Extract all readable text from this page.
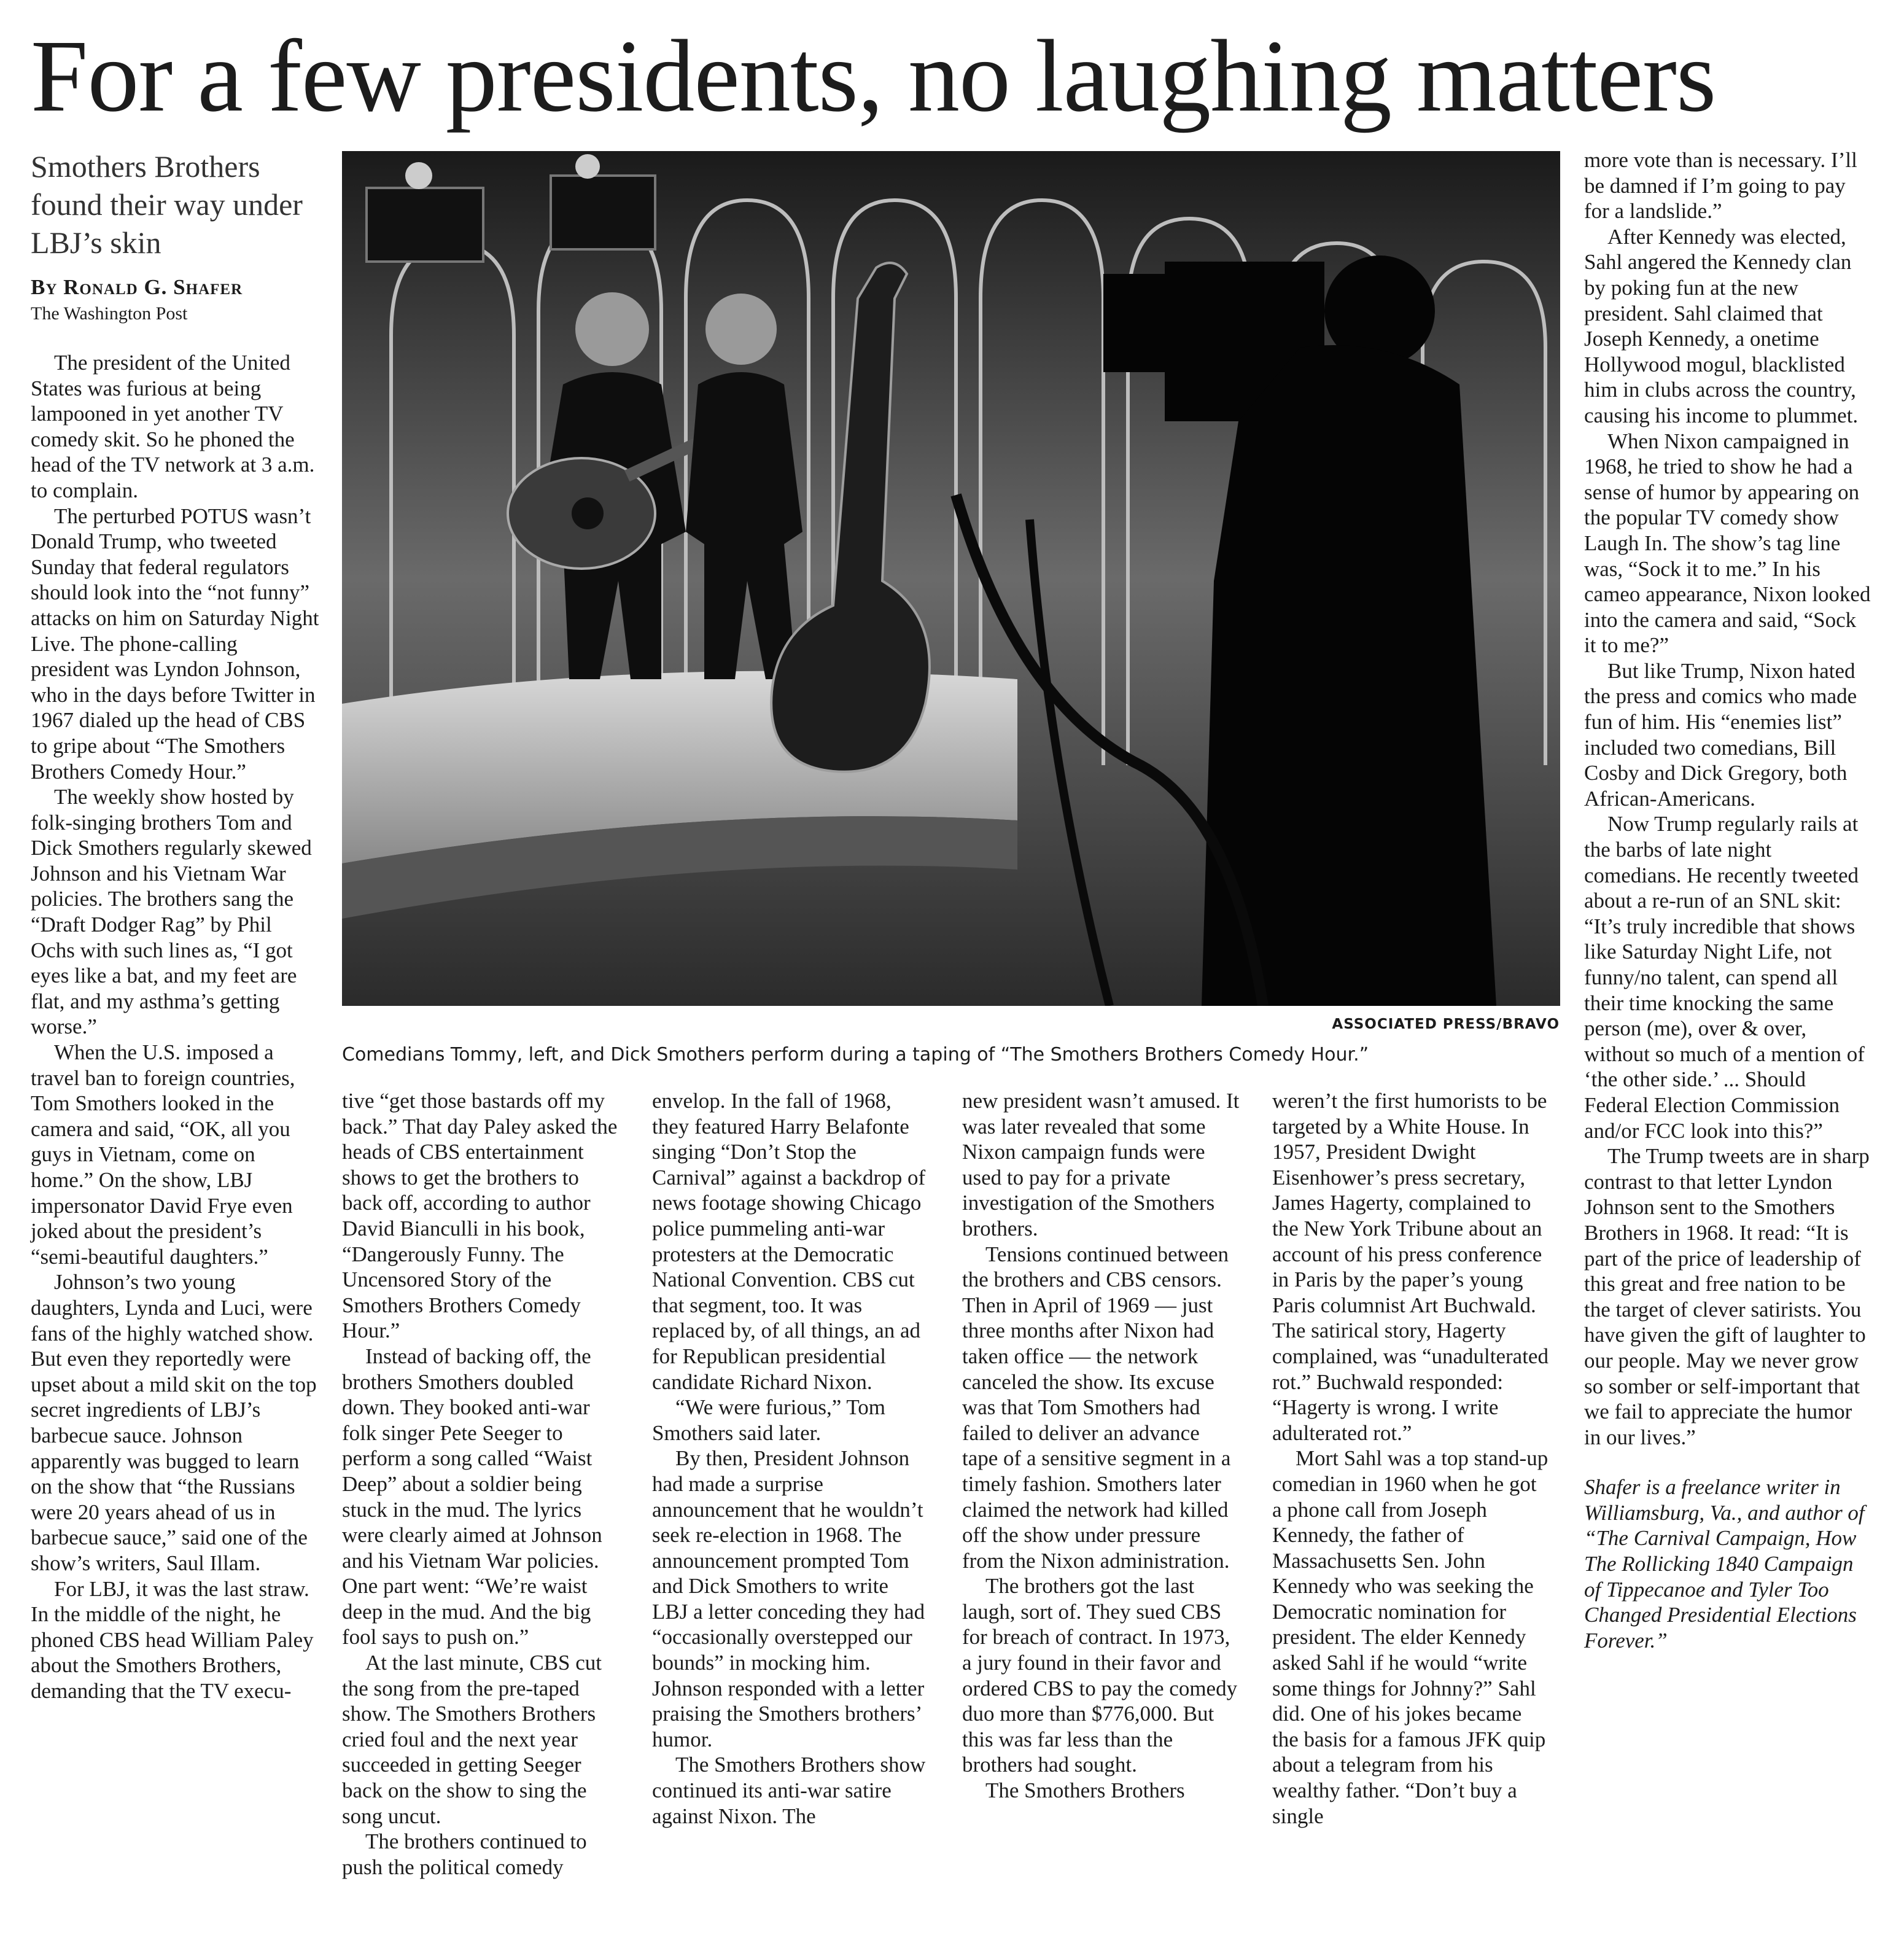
For a few presidents, no laughing matters
Smothers Brothers found their way under LBJ’s skin
By Ronald G. Shafer
The Washington Post

The president of the United States was furious at being lampooned in yet another TV comedy skit. So he phoned the head of the TV network at 3 a.m. to complain.

The perturbed POTUS wasn’t Donald Trump, who tweeted Sunday that federal regulators should look into the “not funny” attacks on him on Saturday Night Live. The phone-calling president was Lyndon Johnson, who in the days before Twitter in 1967 dialed up the head of CBS to gripe about “The Smothers Brothers Comedy Hour.”

The weekly show hosted by folk-singing brothers Tom and Dick Smothers regularly skewed Johnson and his Vietnam War policies. The brothers sang the “Draft Dodger Rag” by Phil Ochs with such lines as, “I got eyes like a bat, and my feet are flat, and my asthma’s getting worse.”

When the U.S. imposed a travel ban to foreign countries, Tom Smothers looked in the camera and said, “OK, all you guys in Vietnam, come on home.” On the show, LBJ impersonator David Frye even joked about the president’s “semi-beautiful daughters.”

Johnson’s two young daughters, Lynda and Luci, were fans of the highly watched show. But even they reportedly were upset about a mild skit on the top secret ingredients of LBJ’s barbecue sauce. Johnson apparently was bugged to learn on the show that “the Russians were 20 years ahead of us in barbecue sauce,” said one of the show’s writers, Saul Illam.

For LBJ, it was the last straw. In the middle of the night, he phoned CBS head William Paley about the Smothers Brothers, demanding that the TV execu-

ASSOCIATED PRESS/BRAVO
Comedians Tommy, left, and Dick Smothers perform during a taping of “The Smothers Brothers Comedy Hour.”

tive “get those bastards off my back.” That day Paley asked the heads of CBS entertainment shows to get the brothers to back off, according to author David Bianculli in his book, “Dangerously Funny. The Uncensored Story of the Smothers Brothers Comedy Hour.”

Instead of backing off, the brothers Smothers doubled down. They booked anti-war folk singer Pete Seeger to perform a song called “Waist Deep” about a soldier being stuck in the mud. The lyrics were clearly aimed at Johnson and his Vietnam War policies. One part went: “We’re waist deep in the mud. And the big fool says to push on.”

At the last minute, CBS cut the song from the pre-taped show. The Smothers Brothers cried foul and the next year succeeded in getting Seeger back on the show to sing the song uncut.

The brothers continued to push the political comedy

envelop. In the fall of 1968, they featured Harry Belafonte singing “Don’t Stop the Carnival” against a backdrop of news footage showing Chicago police pummeling anti-war protesters at the Democratic National Convention. CBS cut that segment, too. It was replaced by, of all things, an ad for Republican presidential candidate Richard Nixon.

“We were furious,” Tom Smothers said later.

By then, President Johnson had made a surprise announcement that he wouldn’t seek re-election in 1968. The announcement prompted Tom and Dick Smothers to write LBJ a letter conceding they had “occasionally overstepped our bounds” in mocking him. Johnson responded with a letter praising the Smothers brothers’ humor.

The Smothers Brothers show continued its anti-war satire against Nixon. The

new president wasn’t amused. It was later revealed that some Nixon campaign funds were used to pay for a private investigation of the Smothers brothers.

Tensions continued between the brothers and CBS censors. Then in April of 1969 — just three months after Nixon had taken office — the network canceled the show. Its excuse was that Tom Smothers had failed to deliver an advance tape of a sensitive segment in a timely fashion. Smothers later claimed the network had killed off the show under pressure from the Nixon administration.

The brothers got the last laugh, sort of. They sued CBS for breach of contract. In 1973, a jury found in their favor and ordered CBS to pay the comedy duo more than $776,000. But this was far less than the brothers had sought.

The Smothers Brothers

weren’t the first humorists to be targeted by a White House. In 1957, President Dwight Eisenhower’s press secretary, James Hagerty, complained to the New York Tribune about an account of his press conference in Paris by the paper’s young Paris columnist Art Buchwald. The satirical story, Hagerty complained, was “unadulterated rot.” Buchwald responded: “Hagerty is wrong. I write adulterated rot.”

Mort Sahl was a top stand-up comedian in 1960 when he got a phone call from Joseph Kennedy, the father of Massachusetts Sen. John Kennedy who was seeking the Democratic nomination for president. The elder Kennedy asked Sahl if he would “write some things for Johnny?” Sahl did. One of his jokes became the basis for a famous JFK quip about a telegram from his wealthy father. “Don’t buy a single

more vote than is necessary. I’ll be damned if I’m going to pay for a landslide.”

After Kennedy was elected, Sahl angered the Kennedy clan by poking fun at the new president. Sahl claimed that Joseph Kennedy, a onetime Hollywood mogul, blacklisted him in clubs across the country, causing his income to plummet.

When Nixon campaigned in 1968, he tried to show he had a sense of humor by appearing on the popular TV comedy show Laugh In. The show’s tag line was, “Sock it to me.” In his cameo appearance, Nixon looked into the camera and said, “Sock it to me?”

But like Trump, Nixon hated the press and comics who made fun of him. His “enemies list” included two comedians, Bill Cosby and Dick Gregory, both African-Americans.

Now Trump regularly rails at the barbs of late night comedians. He recently tweeted about a re-run of an SNL skit: “It’s truly incredible that shows like Saturday Night Life, not funny/no talent, can spend all their time knocking the same person (me), over & over, without so much of a mention of ‘the other side.’ ... Should Federal Election Commission and/or FCC look into this?”

The Trump tweets are in sharp contrast to that letter Lyndon Johnson sent to the Smothers Brothers in 1968. It read: “It is part of the price of leadership of this great and free nation to be the target of clever satirists. You have given the gift of laughter to our people. May we never grow so somber or self-important that we fail to appreciate the humor in our lives.”

Shafer is a freelance writer in Williamsburg, Va., and author of “The Carnival Campaign, How The Rollicking 1840 Campaign of Tippecanoe and Tyler Too Changed Presidential Elections Forever.”
